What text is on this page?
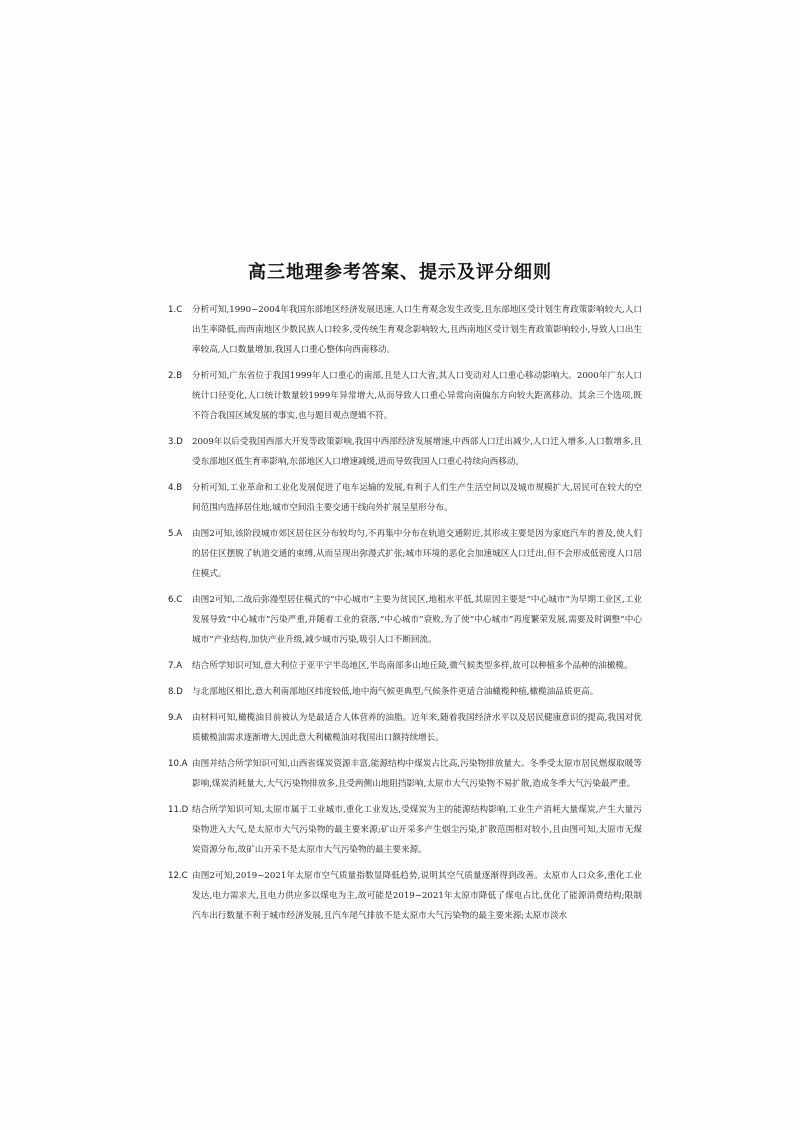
高三地理参考答案、提示及评分细则
1.C	分析可知,1990~2004年我国东部地区经济发展迅速,人口生育观念发生改变,且东部地区受计划生育政策影响较大,人口出生率降低,而西南地区少数民族人口较多,受传统生育观念影响较大,且西南地区受计划生育政策影响较小,导致人口出生率较高,人口数量增加,我国人口重心整体向西南移动。
2.B	分析可知,广东省位于我国1999年人口重心的南部,且是人口大省,其人口变动对人口重心移动影响大。2000年广东人口统计口径变化,人口统计数量较1999年异常增大,从而导致人口重心异常向南偏东方向较大距离移动。其余三个选项,既不符合我国区域发展的事实,也与题目观点逻辑不符。
3.D	2009年以后受我国西部大开发等政策影响,我国中西部经济发展增速,中西部人口迁出减少,人口迁入增多,人口数增多,且受东部地区低生育率影响,东部地区人口增速减缓,进而导致我国人口重心持续向西移动。
4.B	分析可知,工业革命和工业化发展促进了电车运输的发展,有利于人们生产生活空间以及城市规模扩大,居民可在较大的空间范围内选择居住地,城市空间沿主要交通干线向外扩展呈星形分布。
5.A	由图2可知,该阶段城市郊区居住区分布较均匀,不再集中分布在轨道交通附近,其形成主要是因为家庭汽车的普及,使人们的居住区摆脱了轨道交通的束缚,从而呈现出弥漫式扩张;城市环境的恶化会加速城区人口迁出,但不会形成低密度人口居住模式。
6.C	由图2可知,二战后弥漫型居住模式的“中心城市”主要为贫民区,地租水平低,其原因主要是“中心城市”为早期工业区,工业发展导致“中心城市”污染严重,并随着工业的衰落,“中心城市”衰败,为了使“中心城市”再度繁荣发展,需要及时调整“中心城市”产业结构,加快产业升级,减少城市污染,吸引人口不断回流。
7.A	结合所学知识可知,意大利位于亚平宁半岛地区,半岛南部多山地丘陵,微气候类型多样,故可以种植多个品种的油橄榄。
8.D	与北部地区相比,意大利南部地区纬度较低,地中海气候更典型,气候条件更适合油橄榄种植,橄榄油品质更高。
9.A	由材料可知,橄榄油目前被认为是最适合人体营养的油脂。近年来,随着我国经济水平以及居民健康意识的提高,我国对优质橄榄油需求逐渐增大,因此意大利橄榄油对我国出口额持续增长。
10.A 由图并结合所学知识可知,山西省煤炭资源丰富,能源结构中煤炭占比高,污染物排放量大。冬季受太原市居民燃煤取暖等影响,煤炭消耗量大,大气污染物排放多,且受两侧山地阻挡影响,太原市大气污染物不易扩散,造成冬季大气污染最严重。
11.D 结合所学知识可知,太原市属于工业城市,重化工业发达,受煤炭为主的能源结构影响,工业生产消耗大量煤炭,产生大量污染物进入大气,是太原市大气污染物的最主要来源;矿山开采多产生烟尘污染,扩散范围相对较小,且由图可知,太原市无煤炭资源分布,故矿山开采不是太原市大气污染物的最主要来源。
12.C 由图2可知,2019~2021年太原市空气质量指数显降低趋势,说明其空气质量逐渐得到改善。太原市人口众多,重化工业发达,电力需求大,且电力供应多以煤电为主,故可能是2019~2021年太原市降低了煤电占比,优化了能源消费结构;限制汽车出行数量不利于城市经济发展,且汽车尾气排放不是太原市大气污染物的最主要来源;太原市淡水
